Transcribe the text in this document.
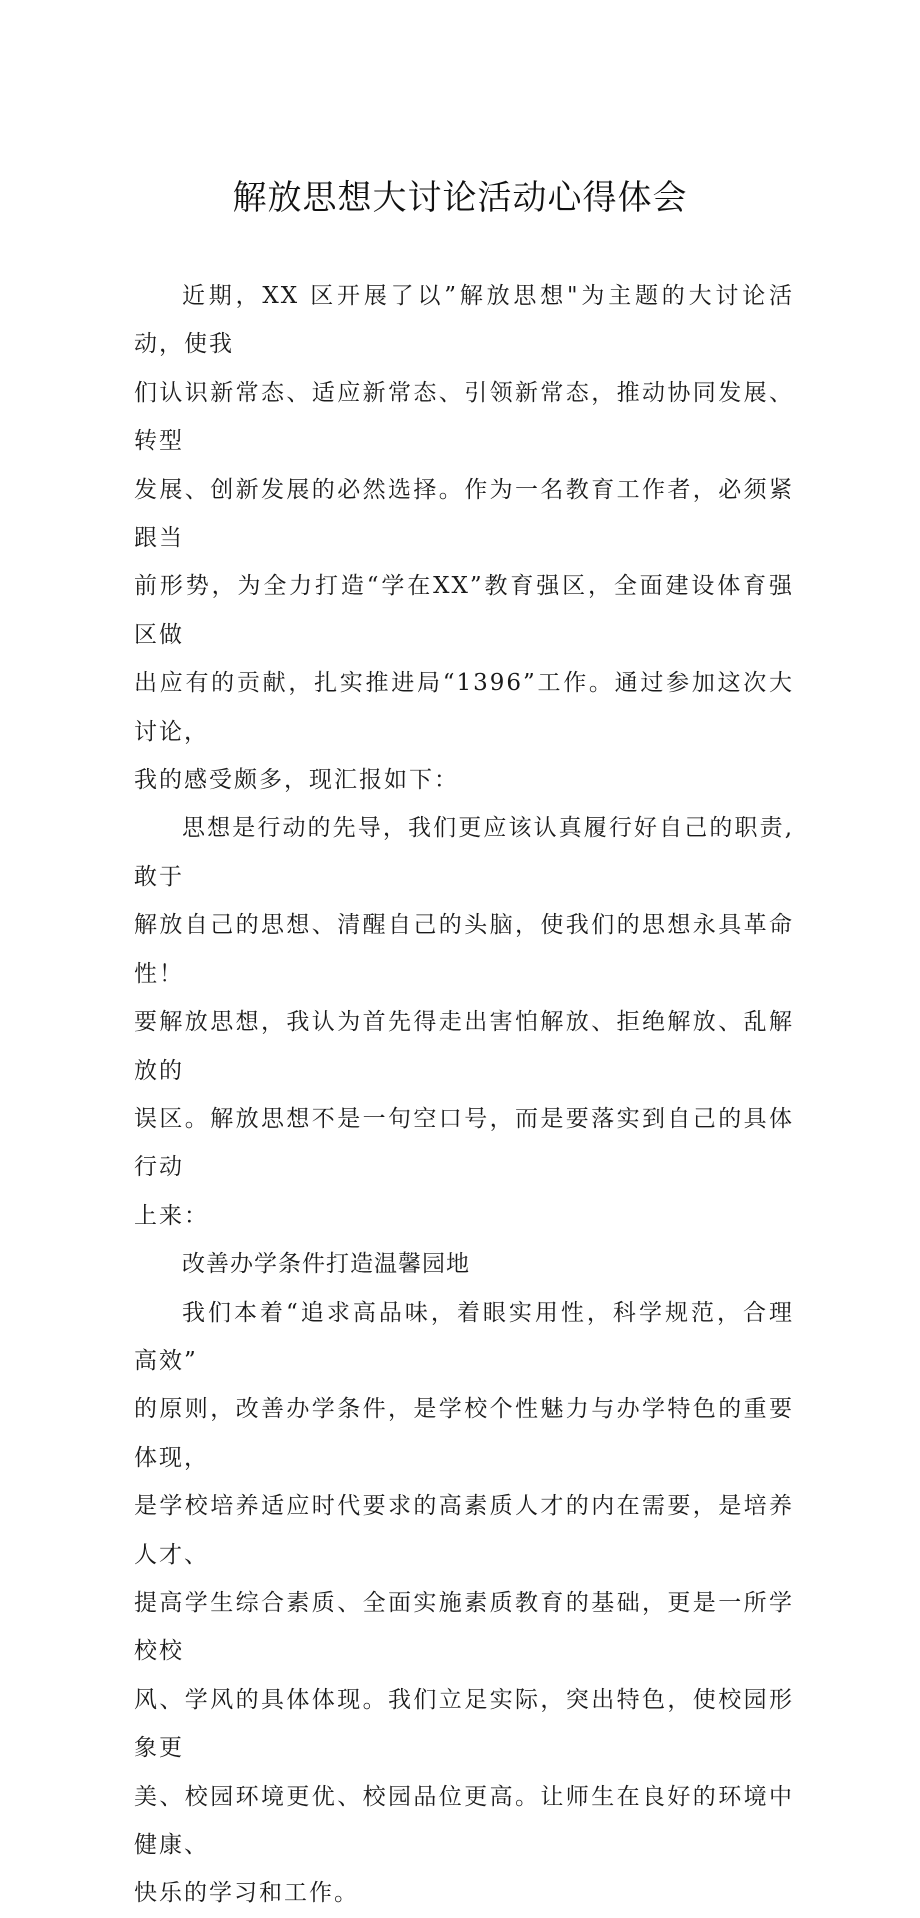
解放思想大讨论活动心得体会

近期，XX 区开展了以”解放思想"为主题的大讨论活动，使我
们认识新常态、适应新常态、引领新常态，推动协同发展、转型
发展、创新发展的必然选择。作为一名教育工作者，必须紧跟当
前形势，为全力打造“学在XX”教育强区，全面建设体育强区做
出应有的贡献，扎实推进局“1396”工作。通过参加这次大讨论，
我的感受颇多，现汇报如下：

思想是行动的先导，我们更应该认真履行好自己的职责,敢于
解放自己的思想、清醒自己的头脑，使我们的思想永具革命性！
要解放思想，我认为首先得走出害怕解放、拒绝解放、乱解放的
误区。解放思想不是一句空口号，而是要落实到自己的具体行动
上来：

改善办学条件打造温馨园地

我们本着“追求高品味，着眼实用性，科学规范，合理高效”
的原则，改善办学条件，是学校个性魅力与办学特色的重要体现，
是学校培养适应时代要求的高素质人才的内在需要，是培养人才、
提高学生综合素质、全面实施素质教育的基础，更是一所学校校
风、学风的具体体现。我们立足实际，突出特色，使校园形象更
美、校园环境更优、校园品位更高。让师生在良好的环境中健康、
快乐的学习和工作。
